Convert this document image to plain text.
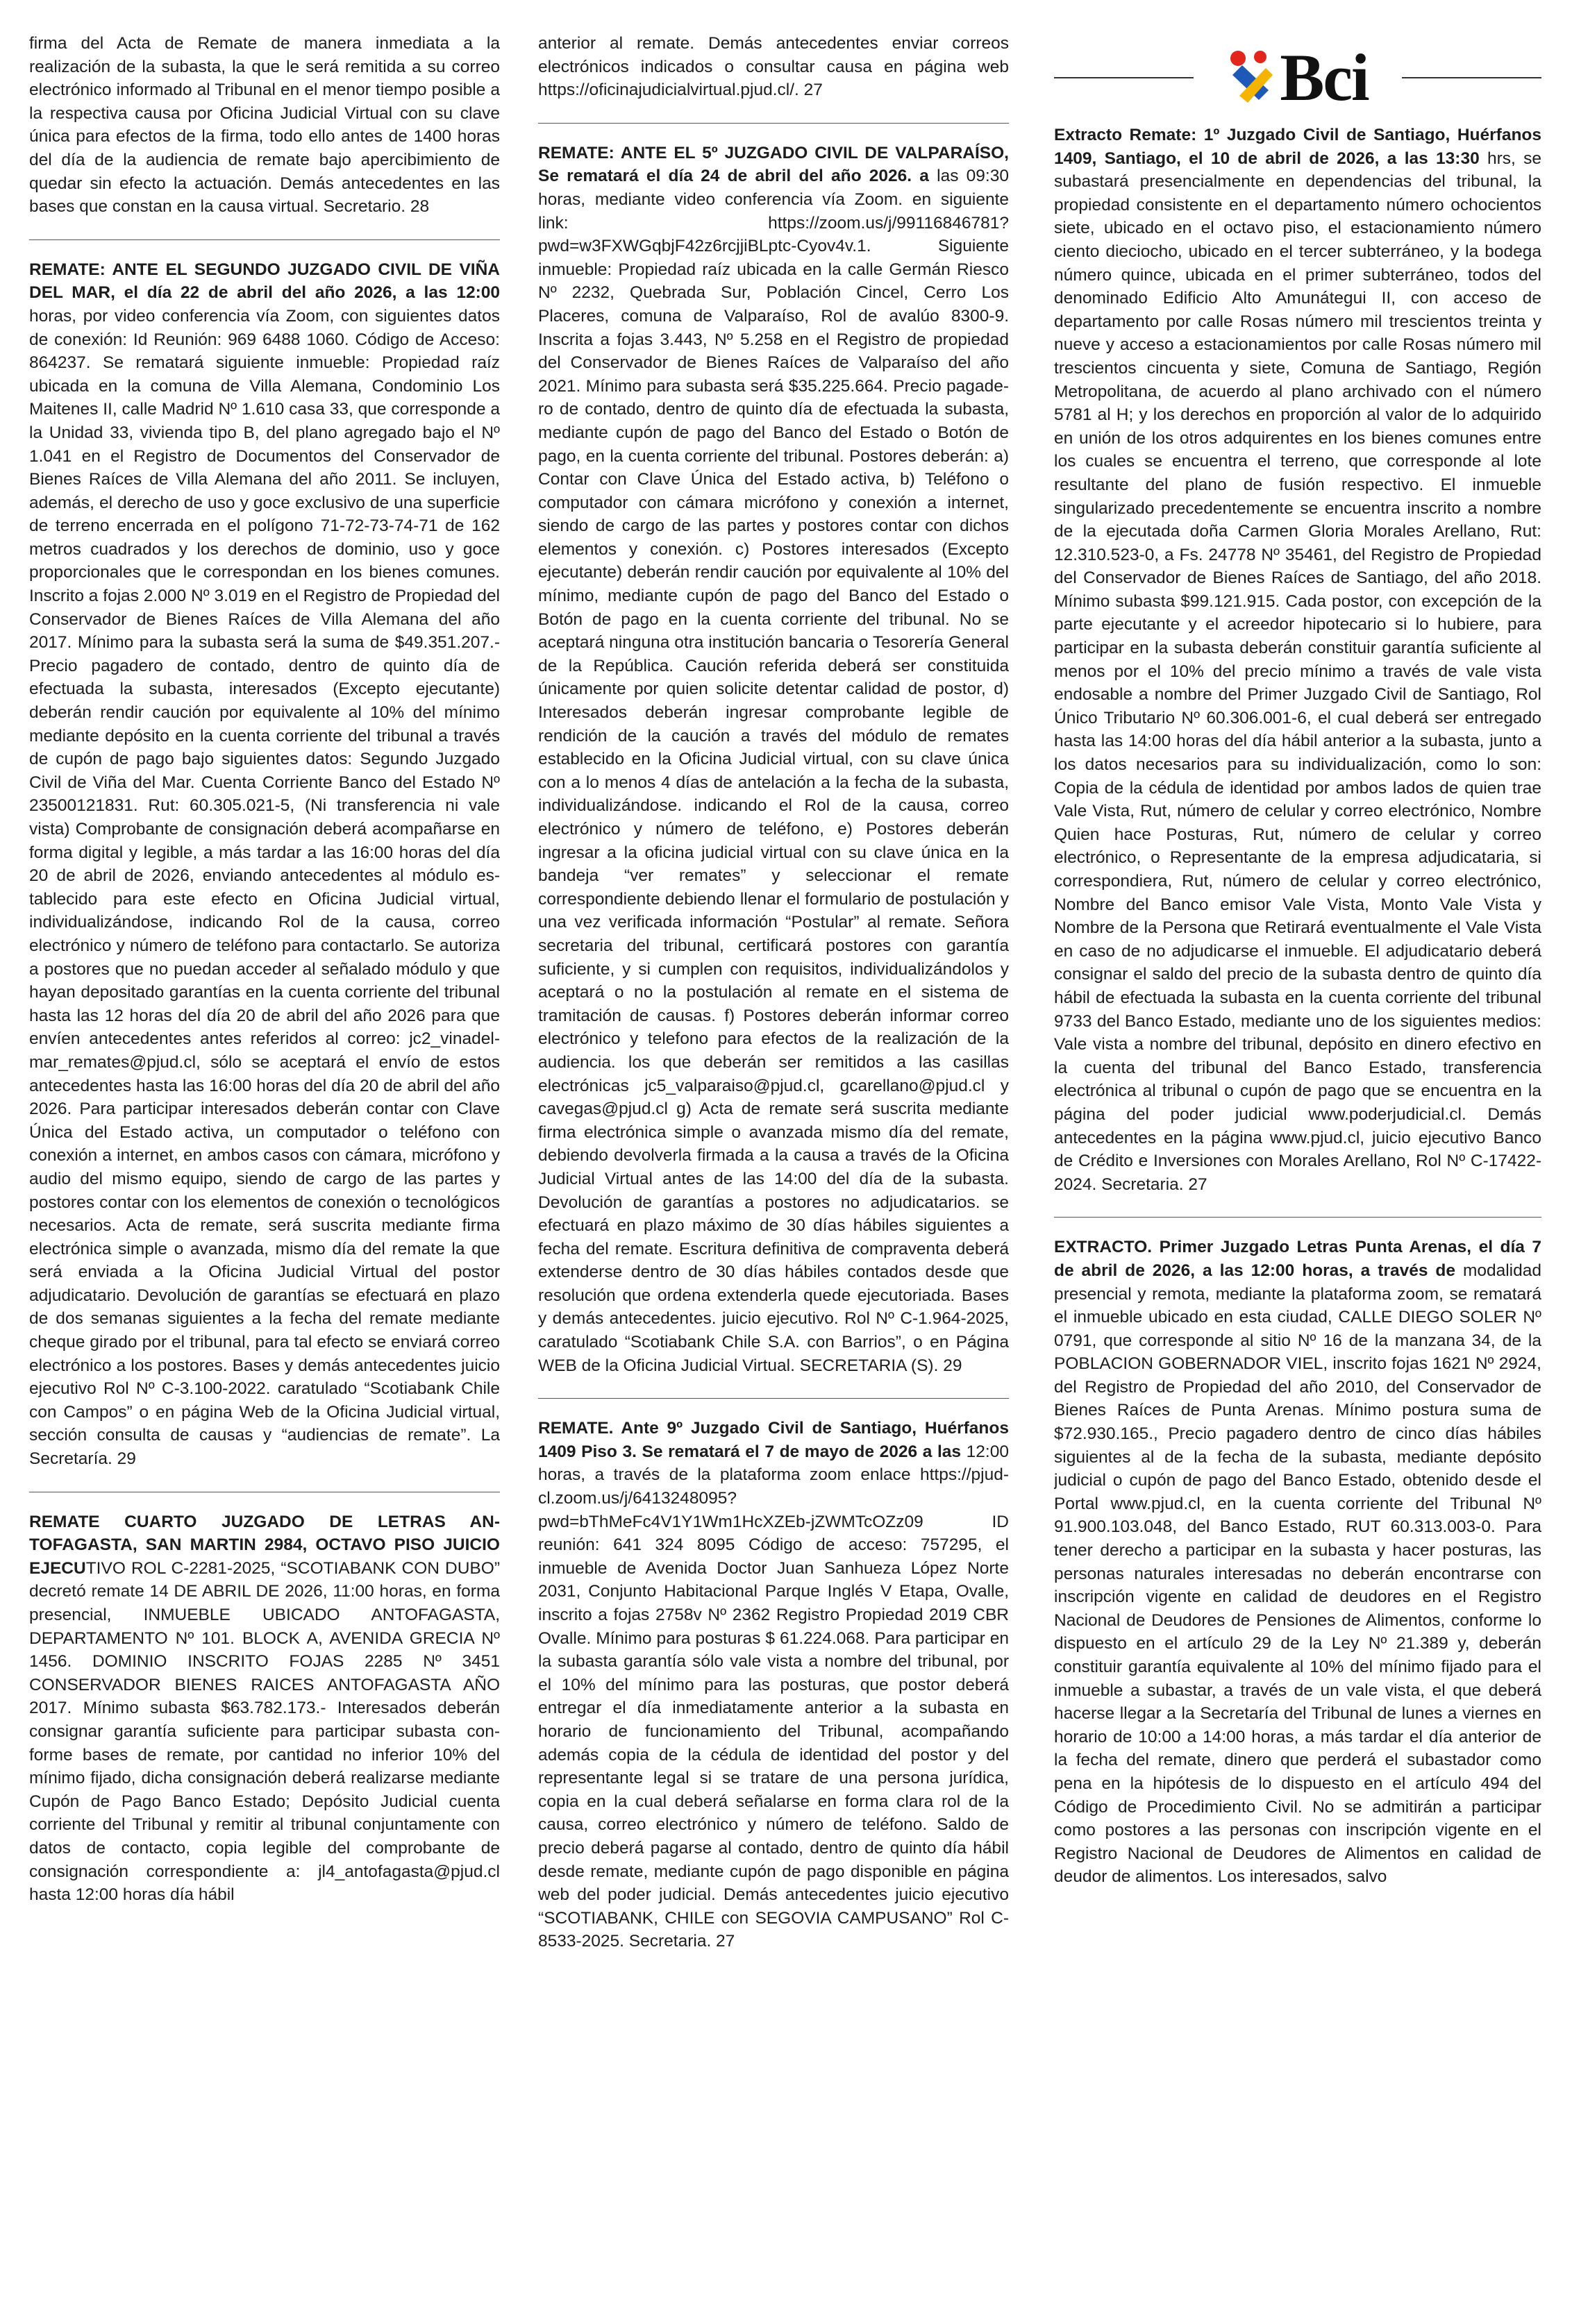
firma del Acta de Remate de manera inmediata a la realización de la subasta, la que le será remitida a su correo electrónico informado al Tribunal en el menor tiempo posible a la respectiva causa por Oficina Judicial Virtual con su clave única para efectos de la firma, todo ello antes de 1400 horas del día de la audiencia de remate bajo apercibimiento de quedar sin efecto la actuación. Demás antecedentes en las bases que constan en la causa virtual. Secretario. 28

REMATE: ANTE EL SEGUNDO JUZGADO CIVIL DE VIÑA DEL MAR, el día 22 de abril del año 2026, a las 12:00 horas, por video conferencia vía Zoom, con siguientes datos de conexión: Id Reunión: 969 6488 1060. Código de Acceso: 864237. Se rematará siguiente inmueble: Propiedad raíz ubicada en la comuna de Villa Alemana, Condominio Los Maitenes II, calle Madrid Nº 1.610 casa 33, que corresponde a la Unidad 33, vivienda tipo B, del plano agregado bajo el Nº 1.041 en el Registro de Documentos del Conservador de Bienes Raíces de Villa Alemana del año 2011. Se incluyen, además, el derecho de uso y goce exclusivo de una superficie de terreno encerrada en el polígono 71-72-73-74-71 de 162 metros cuadrados y los derechos de dominio, uso y goce proporcionales que le correspondan en los bienes comunes. Inscrito a fojas 2.000 Nº 3.019 en el Registro de Propiedad del Conservador de Bienes Raíces de Villa Alemana del año 2017. Mínimo para la subasta será la suma de $49.351.207.- Precio pagadero de contado, dentro de quinto día de efectuada la subasta, interesados (Excepto ejecutante) deberán rendir caución por equivalente al 10% del mínimo mediante depósito en la cuenta corriente del tribunal a través de cupón de pago bajo siguientes datos: Segundo Juzgado Civil de Viña del Mar. Cuenta Corriente Banco del Estado Nº 23500121831. Rut: 60.305.021-5, (Ni transferencia ni vale vista) Comprobante de consignación deberá acompañarse en forma digital y legible, a más tardar a las 16:00 horas del día 20 de abril de 2026, enviando antecedentes al módulo establecido para este efecto en Oficina Judicial virtual, individualizándose, indicando Rol de la causa, correo electrónico y número de teléfono para contactarlo. Se autoriza a postores que no puedan acceder al señalado módulo y que hayan depositado garantías en la cuenta corriente del tribunal hasta las 12 horas del día 20 de abril del año 2026 para que envíen antecedentes antes referidos al correo: jc2_vinadelmar_remates@pjud.cl, sólo se aceptará el envío de estos antecedentes hasta las 16:00 horas del día 20 de abril del año 2026. Para participar interesados deberán contar con Clave Única del Estado activa, un computador o teléfono con conexión a internet, en ambos casos con cámara, micrófono y audio del mismo equipo, siendo de cargo de las partes y postores contar con los elementos de conexión o tecnológicos necesarios. Acta de remate, será suscrita mediante firma electrónica simple o avanzada, mismo día del remate la que será enviada a la Oficina Judicial Virtual del postor adjudicatario. Devolución de garantías se efectuará en plazo de dos semanas siguientes a la fecha del remate mediante cheque girado por el tribunal, para tal efecto se enviará correo electrónico a los postores. Bases y demás antecedentes juicio ejecutivo Rol Nº C-3.100-2022. caratulado “Scotiabank Chile con Campos” o en página Web de la Oficina Judicial virtual, sección consulta de causas y “audiencias de remate”. La Secretaría. 29

REMATE CUARTO JUZGADO DE LETRAS ANTOFAGASTA, SAN MARTIN 2984, OCTAVO PISO JUICIO EJECUTIVO ROL C-2281-2025, “SCOTIABANK CON DUBO” decretó remate 14 DE ABRIL DE 2026, 11:00 horas, en forma presencial, INMUEBLE UBICADO ANTOFAGASTA, DEPARTAMENTO Nº 101. BLOCK A, AVENIDA GRECIA Nº 1456. DOMINIO INSCRITO FOJAS 2285 Nº 3451 CONSERVADOR BIENES RAICES ANTOFAGASTA AÑO 2017. Mínimo subasta $63.782.173.- Interesados deberán consignar garantía suficiente para participar subasta conforme bases de remate, por cantidad no inferior 10% del mínimo fijado, dicha consignación deberá realizarse mediante Cupón de Pago Banco Estado; Depósito Judicial cuenta corriente del Tribunal y remitir al tribunal conjuntamente con datos de contacto, copia legible del comprobante de consignación correspondiente a: jl4_antofagasta@pjud.cl hasta 12:00 horas día hábil

anterior al remate. Demás antecedentes enviar correos electrónicos indicados o consultar causa en página web https://oficinajudicialvirtual.pjud.cl/. 27

REMATE: ANTE EL 5º JUZGADO CIVIL DE VALPARAÍSO, Se rematará el día 24 de abril del año 2026. a las 09:30 horas, mediante video conferencia vía Zoom. en siguiente link: https://zoom.us/j/99116846781?pwd=w3FXWGqbjF42z6rcjjiBLptc-Cyov4v.1. Siguiente inmueble: Propiedad raíz ubicada en la calle Germán Riesco Nº 2232, Quebrada Sur, Población Cincel, Cerro Los Placeres, comuna de Valparaíso, Rol de avalúo 8300-9. Inscrita a fojas 3.443, Nº 5.258 en el Registro de propiedad del Conservador de Bienes Raíces de Valparaíso del año 2021. Mínimo para subasta será $35.225.664. Precio pagadero de contado, dentro de quinto día de efectuada la subasta, mediante cupón de pago del Banco del Estado o Botón de pago, en la cuenta corriente del tribunal. Postores deberán: a) Contar con Clave Única del Estado activa, b) Teléfono o computador con cámara micrófono y conexión a internet, siendo de cargo de las partes y postores contar con dichos elementos y conexión. c) Postores interesados (Excepto ejecutante) deberán rendir caución por equivalente al 10% del mínimo, mediante cupón de pago del Banco del Estado o Botón de pago en la cuenta corriente del tribunal. No se aceptará ninguna otra institución bancaria o Tesorería General de la República. Caución referida deberá ser constituida únicamente por quien solicite detentar calidad de postor, d) Interesados deberán ingresar comprobante legible de rendición de la caución a través del módulo de remates establecido en la Oficina Judicial virtual, con su clave única con a lo menos 4 días de antelación a la fecha de la subasta, individualizándose. indicando el Rol de la causa, correo electrónico y número de teléfono, e) Postores deberán ingresar a la oficina judicial virtual con su clave única en la bandeja “ver remates” y seleccionar el remate correspondiente debiendo llenar el formulario de postulación y una vez verificada información “Postular” al remate. Señora secretaria del tribunal, certificará postores con garantía suficiente, y si cumplen con requisitos, individualizándolos y aceptará o no la postulación al remate en el sistema de tramitación de causas. f) Postores deberán informar correo electrónico y telefono para efectos de la realización de la audiencia. los que deberán ser remitidos a las casillas electrónicas jc5_valparaiso@pjud.cl, gcarellano@pjud.cl y cavegas@pjud.cl g) Acta de remate será suscrita mediante firma electrónica simple o avanzada mismo día del remate, debiendo devolverla firmada a la causa a través de la Oficina Judicial Virtual antes de las 14:00 del día de la subasta. Devolución de garantías a postores no adjudicatarios. se efectuará en plazo máximo de 30 días hábiles siguientes a fecha del remate. Escritura definitiva de compraventa deberá extenderse dentro de 30 días hábiles contados desde que resolución que ordena extenderla quede ejecutoriada. Bases y demás antecedentes. juicio ejecutivo. Rol Nº C-1.964-2025, caratulado “Scotiabank Chile S.A. con Barrios”, o en Página WEB de la Oficina Judicial Virtual. SECRETARIA (S). 29

REMATE. Ante 9º Juzgado Civil de Santiago, Huérfanos 1409 Piso 3. Se rematará el 7 de mayo de 2026 a las 12:00 horas, a través de la plataforma zoom enlace https://pjud-cl.zoom.us/j/6413248095?pwd=bThMeFc4V1Y1Wm1HcXZEb-jZWMTcOZz09 ID reunión: 641 324 8095 Código de acceso: 757295, el inmueble de Avenida Doctor Juan Sanhueza López Norte 2031, Conjunto Habitacional Parque Inglés V Etapa, Ovalle, inscrito a fojas 2758v Nº 2362 Registro Propiedad 2019 CBR Ovalle. Mínimo para posturas $ 61.224.068. Para participar en la subasta garantía sólo vale vista a nombre del tribunal, por el 10% del mínimo para las posturas, que postor deberá entregar el día inmediatamente anterior a la subasta en horario de funcionamiento del Tribunal, acompañando además copia de la cédula de identidad del postor y del representante legal si se tratare de una persona jurídica, copia en la cual deberá señalarse en forma clara rol de la causa, correo electrónico y número de teléfono. Saldo de precio deberá pagarse al contado, dentro de quinto día hábil desde remate, mediante cupón de pago disponible en página web del poder judicial. Demás antecedentes juicio ejecutivo “SCOTIABANK, CHILE con SEGOVIA CAMPUSANO” Rol C-8533-2025. Secretaria. 27

Bci

Extracto Remate: 1º Juzgado Civil de Santiago, Huérfanos 1409, Santiago, el 10 de abril de 2026, a las 13:30 hrs, se subastará presencialmente en dependencias del tribunal, la propiedad consistente en el departamento número ochocientos siete, ubicado en el octavo piso, el estacionamiento número ciento dieciocho, ubicado en el tercer subterráneo, y la bodega número quince, ubicada en el primer subterráneo, todos del denominado Edificio Alto Amunátegui II, con acceso de departamento por calle Rosas número mil trescientos treinta y nueve y acceso a estacionamientos por calle Rosas número mil trescientos cincuenta y siete, Comuna de Santiago, Región Metropolitana, de acuerdo al plano archivado con el número 5781 al H; y los derechos en proporción al valor de lo adquirido en unión de los otros adquirentes en los bienes comunes entre los cuales se encuentra el terreno, que corresponde al lote resultante del plano de fusión respectivo. El inmueble singularizado precedentemente se encuentra inscrito a nombre de la ejecutada doña Carmen Gloria Morales Arellano, Rut: 12.310.523-0, a Fs. 24778 Nº 35461, del Registro de Propiedad del Conservador de Bienes Raíces de Santiago, del año 2018. Mínimo subasta $99.121.915. Cada postor, con excepción de la parte ejecutante y el acreedor hipotecario si lo hubiere, para participar en la subasta deberán constituir garantía suficiente al menos por el 10% del precio mínimo a través de vale vista endosable a nombre del Primer Juzgado Civil de Santiago, Rol Único Tributario Nº 60.306.001-6, el cual deberá ser entregado hasta las 14:00 horas del día hábil anterior a la subasta, junto a los datos necesarios para su individualización, como lo son: Copia de la cédula de identidad por ambos lados de quien trae Vale Vista, Rut, número de celular y correo electrónico, Nombre Quien hace Posturas, Rut, número de celular y correo electrónico, o Representante de la empresa adjudicataria, si correspondiera, Rut, número de celular y correo electrónico, Nombre del Banco emisor Vale Vista, Monto Vale Vista y Nombre de la Persona que Retirará eventualmente el Vale Vista en caso de no adjudicarse el inmueble. El adjudicatario deberá consignar el saldo del precio de la subasta dentro de quinto día hábil de efectuada la subasta en la cuenta corriente del tribunal 9733 del Banco Estado, mediante uno de los siguientes medios: Vale vista a nombre del tribunal, depósito en dinero efectivo en la cuenta del tribunal del Banco Estado, transferencia electrónica al tribunal o cupón de pago que se encuentra en la página del poder judicial www.poderjudicial.cl. Demás antecedentes en la página www.pjud.cl, juicio ejecutivo Banco de Crédito e Inversiones con Morales Arellano, Rol Nº C-17422-2024. Secretaria. 27

EXTRACTO. Primer Juzgado Letras Punta Arenas, el día 7 de abril de 2026, a las 12:00 horas, a través de modalidad presencial y remota, mediante la plataforma zoom, se rematará el inmueble ubicado en esta ciudad, CALLE DIEGO SOLER Nº 0791, que corresponde al sitio Nº 16 de la manzana 34, de la POBLACION GOBERNADOR VIEL, inscrito fojas 1621 Nº 2924, del Registro de Propiedad del año 2010, del Conservador de Bienes Raíces de Punta Arenas. Mínimo postura suma de $72.930.165., Precio pagadero dentro de cinco días hábiles siguientes al de la fecha de la subasta, mediante depósito judicial o cupón de pago del Banco Estado, obtenido desde el Portal www.pjud.cl, en la cuenta corriente del Tribunal Nº 91.900.103.048, del Banco Estado, RUT 60.313.003-0. Para tener derecho a participar en la subasta y hacer posturas, las personas naturales interesadas no deberán encontrarse con inscripción vigente en calidad de deudores en el Registro Nacional de Deudores de Pensiones de Alimentos, conforme lo dispuesto en el artículo 29 de la Ley Nº 21.389 y, deberán constituir garantía equivalente al 10% del mínimo fijado para el inmueble a subastar, a través de un vale vista, el que deberá hacerse llegar a la Secretaría del Tribunal de lunes a viernes en horario de 10:00 a 14:00 horas, a más tardar el día anterior de la fecha del remate, dinero que perderá el subastador como pena en la hipótesis de lo dispuesto en el artículo 494 del Código de Procedimiento Civil. No se admitirán a participar como postores a las personas con inscripción vigente en el Registro Nacional de Deudores de Alimentos en calidad de deudor de alimentos. Los interesados, salvo
